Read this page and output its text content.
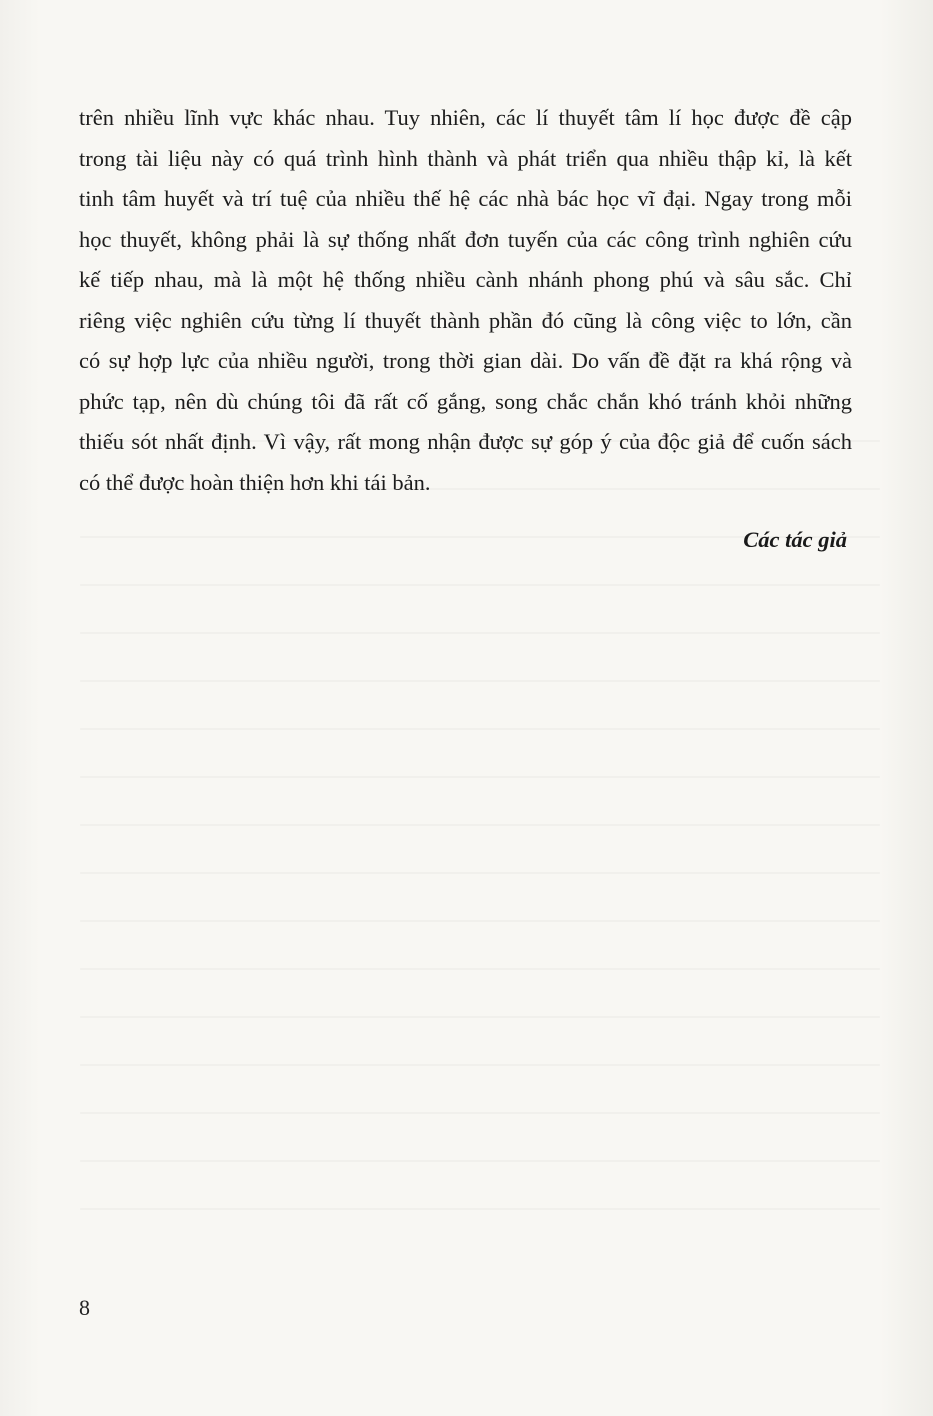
trên nhiều lĩnh vực khác nhau. Tuy nhiên, các lí thuyết tâm lí học được đề cập
trong tài liệu này có quá trình hình thành và phát triển qua nhiều thập kỉ, là kết
tinh tâm huyết và trí tuệ của nhiều thế hệ các nhà bác học vĩ đại. Ngay trong mỗi
học thuyết, không phải là sự thống nhất đơn tuyến của các công trình nghiên cứu
kế tiếp nhau, mà là một hệ thống nhiều cành nhánh phong phú và sâu sắc. Chỉ
riêng việc nghiên cứu từng lí thuyết thành phần đó cũng là công việc to lớn, cần
có sự hợp lực của nhiều người, trong thời gian dài. Do vấn đề đặt ra khá rộng và
phức tạp, nên dù chúng tôi đã rất cố gắng, song chắc chắn khó tránh khỏi những
thiếu sót nhất định. Vì vậy, rất mong nhận được sự góp ý của độc giả để cuốn sách
có thể được hoàn thiện hơn khi tái bản.
Các tác giả
8
